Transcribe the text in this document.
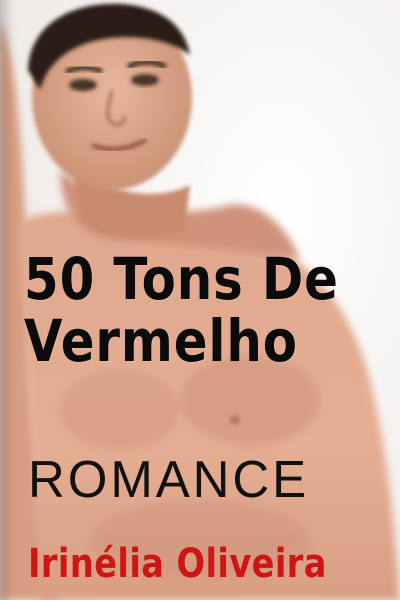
50 Tons De
Vermelho
ROMANCE
Irinélia Oliveira
